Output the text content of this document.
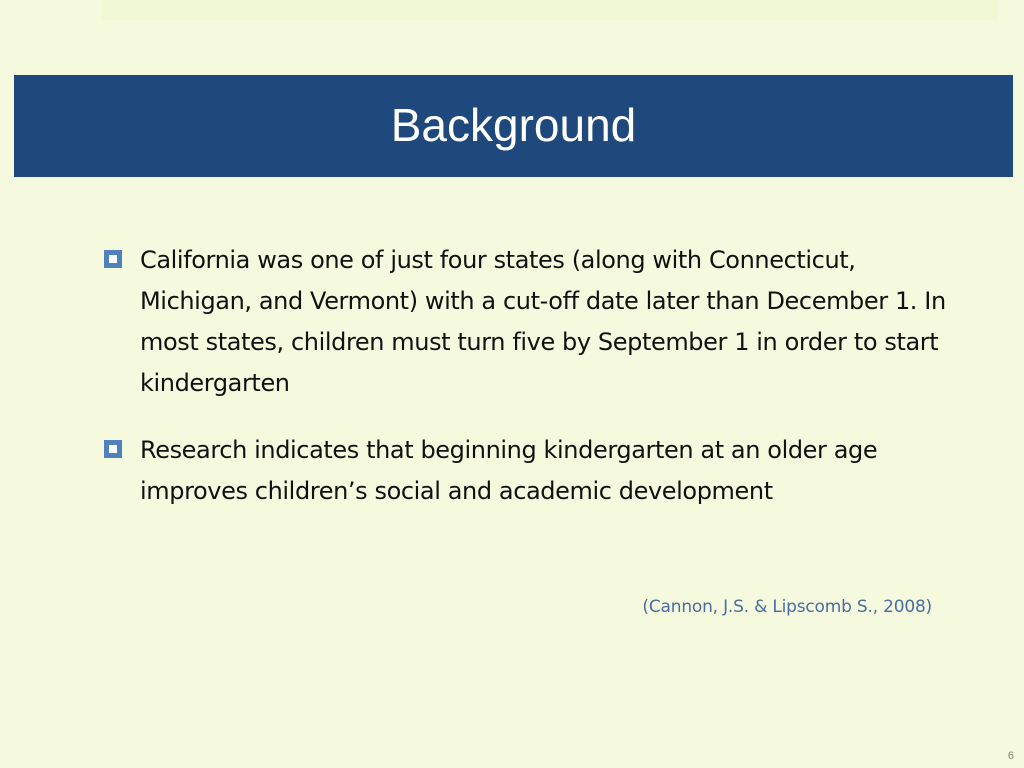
Background
California was one of just four states (along with Connecticut, Michigan, and Vermont) with a cut-off date later than December 1. In most states, children must turn five by September 1 in order to start kindergarten
Research indicates that beginning kindergarten at an older age improves children’s social and academic development
(Cannon, J.S. & Lipscomb S., 2008)
6
